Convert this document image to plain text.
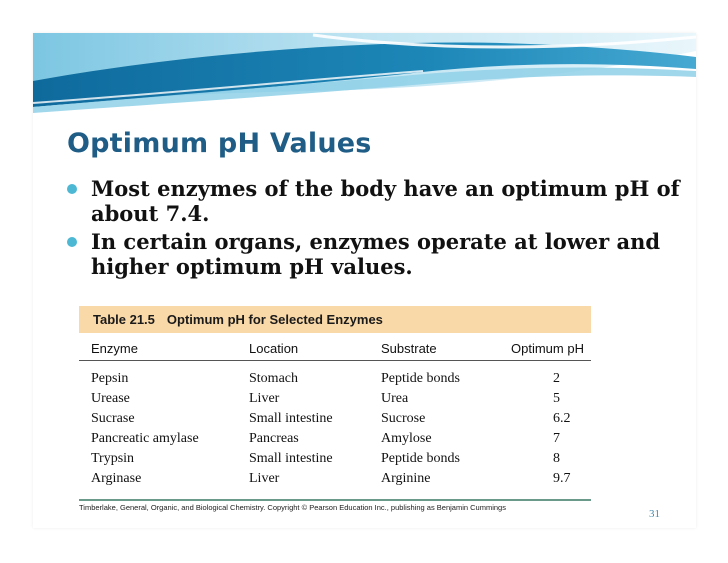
Optimum pH Values
Most enzymes of the body have an optimum pH of about 7.4.
In certain organs, enzymes operate at lower and higher optimum pH values.
Table 21.5 Optimum pH for Selected Enzymes
Enzyme	Location	Substrate	Optimum pH
Pepsin	Stomach	Peptide bonds	2
Urease	Liver	Urea	5
Sucrase	Small intestine	Sucrose	6.2
Pancreatic amylase	Pancreas	Amylose	7
Trypsin	Small intestine	Peptide bonds	8
Arginase	Liver	Arginine	9.7
Timberlake, General, Organic, and Biological Chemistry. Copyright © Pearson Education Inc., publishing as Benjamin Cummings
31
